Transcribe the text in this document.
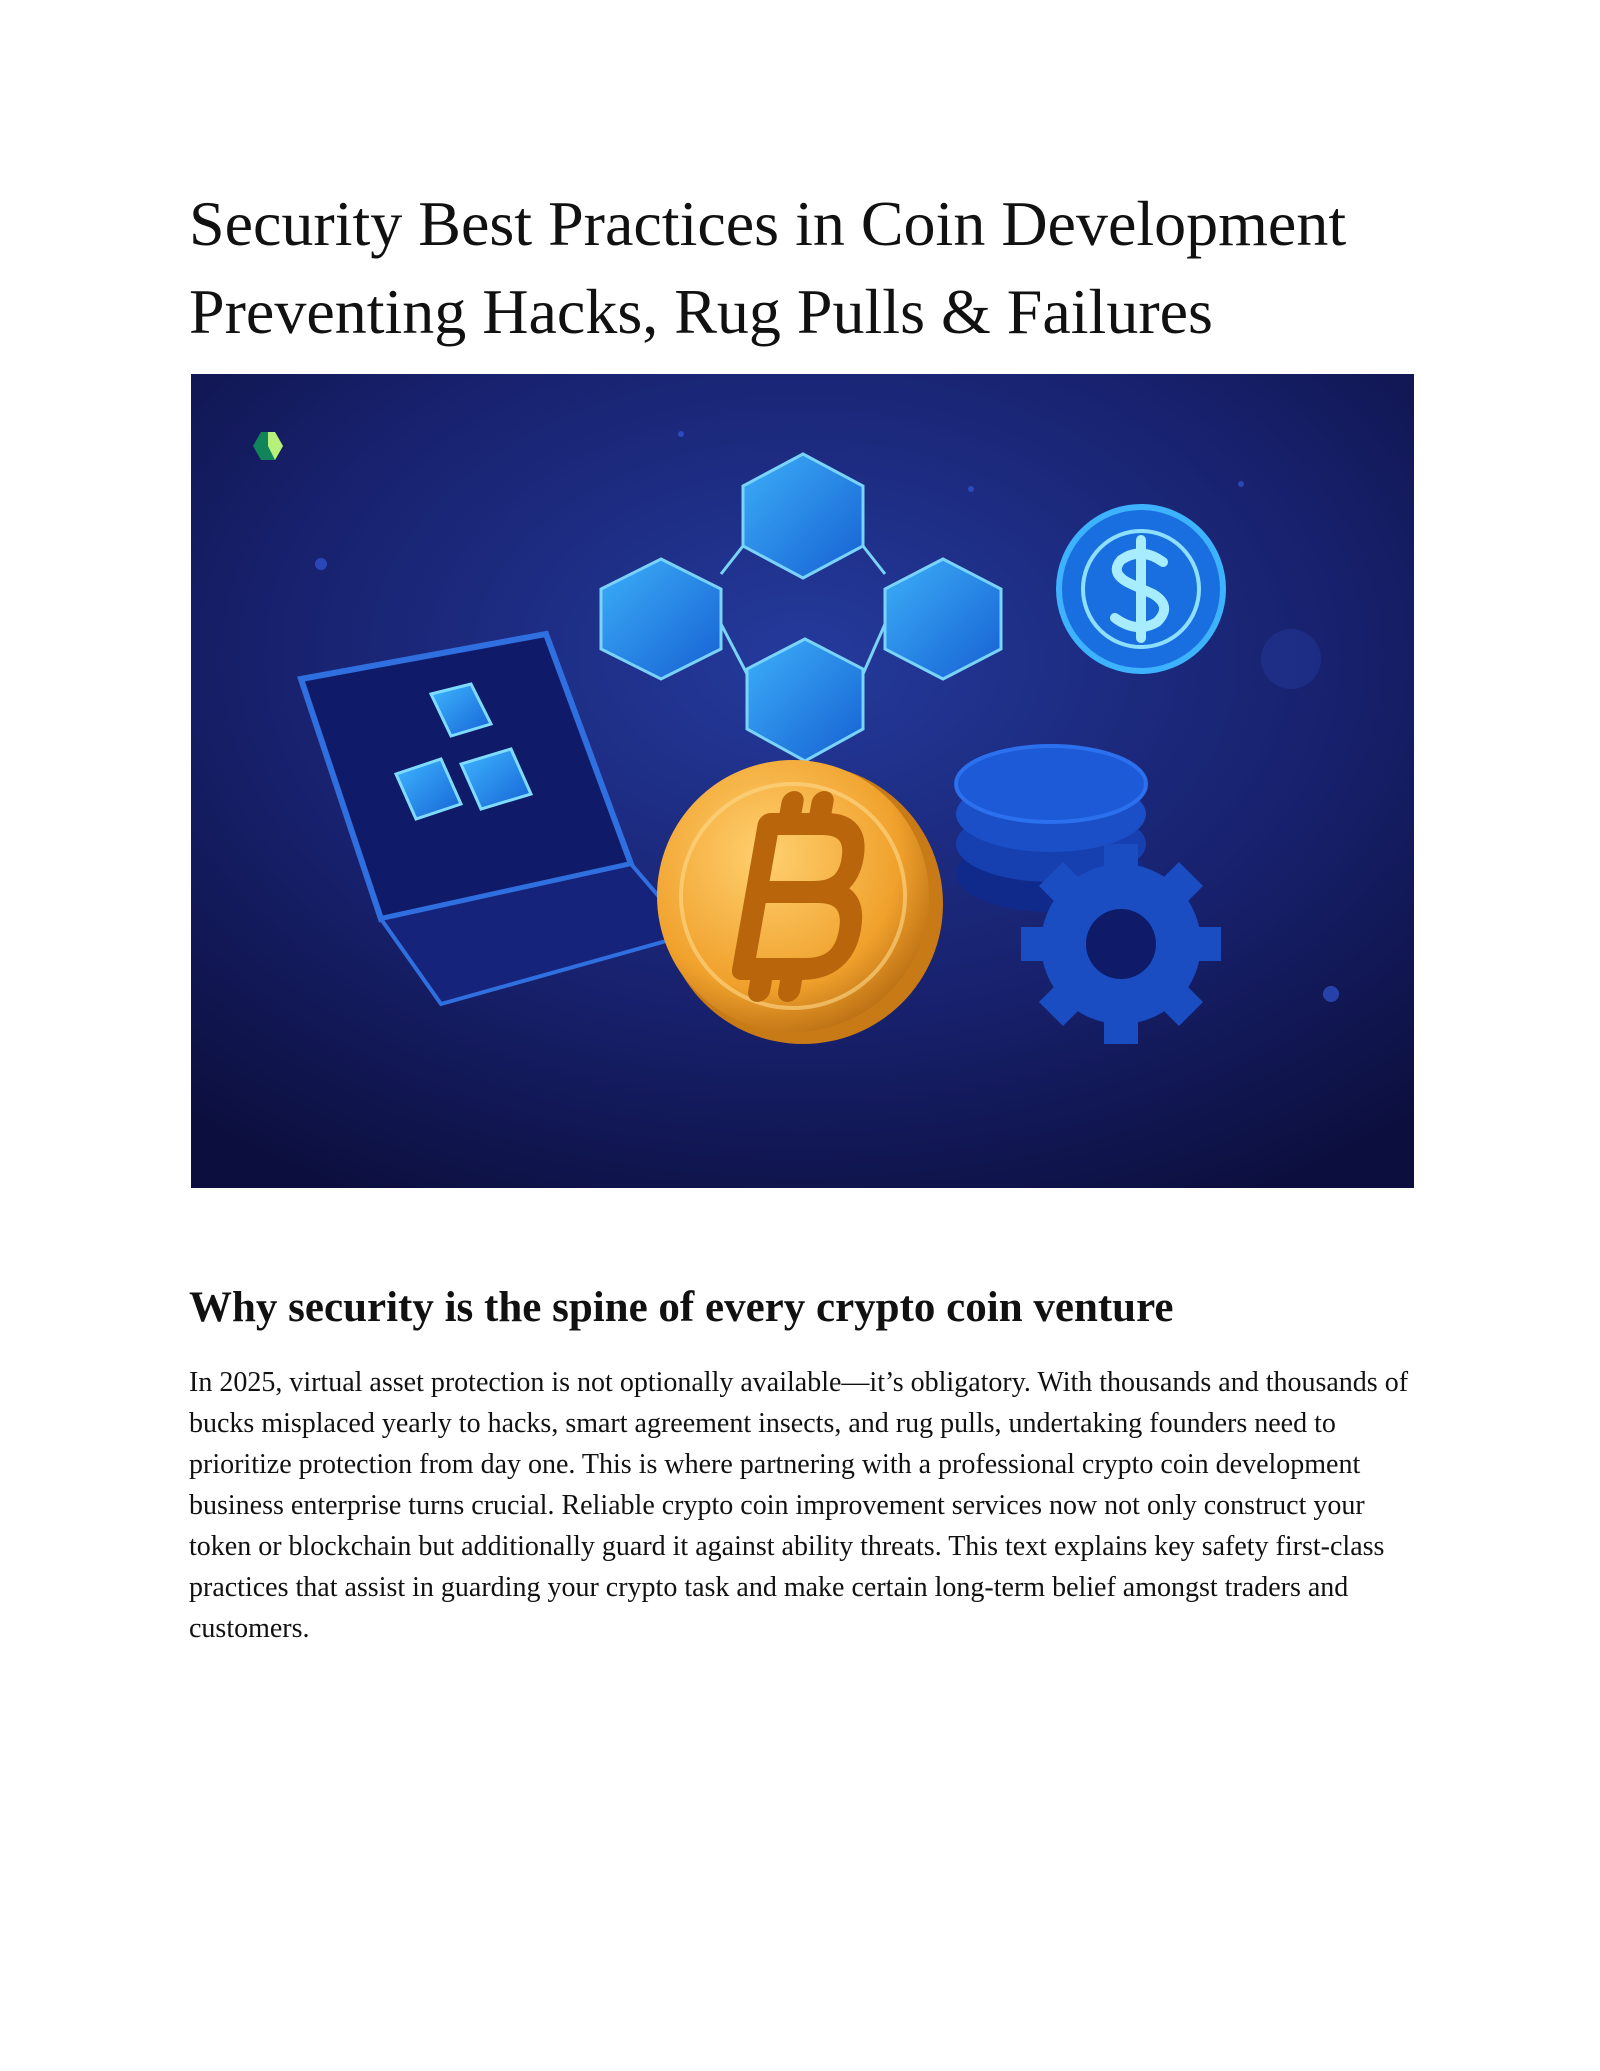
Security Best Practices in Coin Development Preventing Hacks, Rug Pulls & Failures
Why security is the spine of every crypto coin venture

In 2025, virtual asset protection is not optionally available—it’s obligatory. With thousands and thousands of bucks misplaced yearly to hacks, smart agreement insects, and rug pulls, undertaking founders need to prioritize protection from day one. This is where partnering with a professional crypto coin development business enterprise turns crucial. Reliable crypto coin improvement services now not only construct your token or blockchain but additionally guard it against ability threats. This text explains key safety first-class practices that assist in guarding your crypto task and make certain long-term belief amongst traders and customers.
